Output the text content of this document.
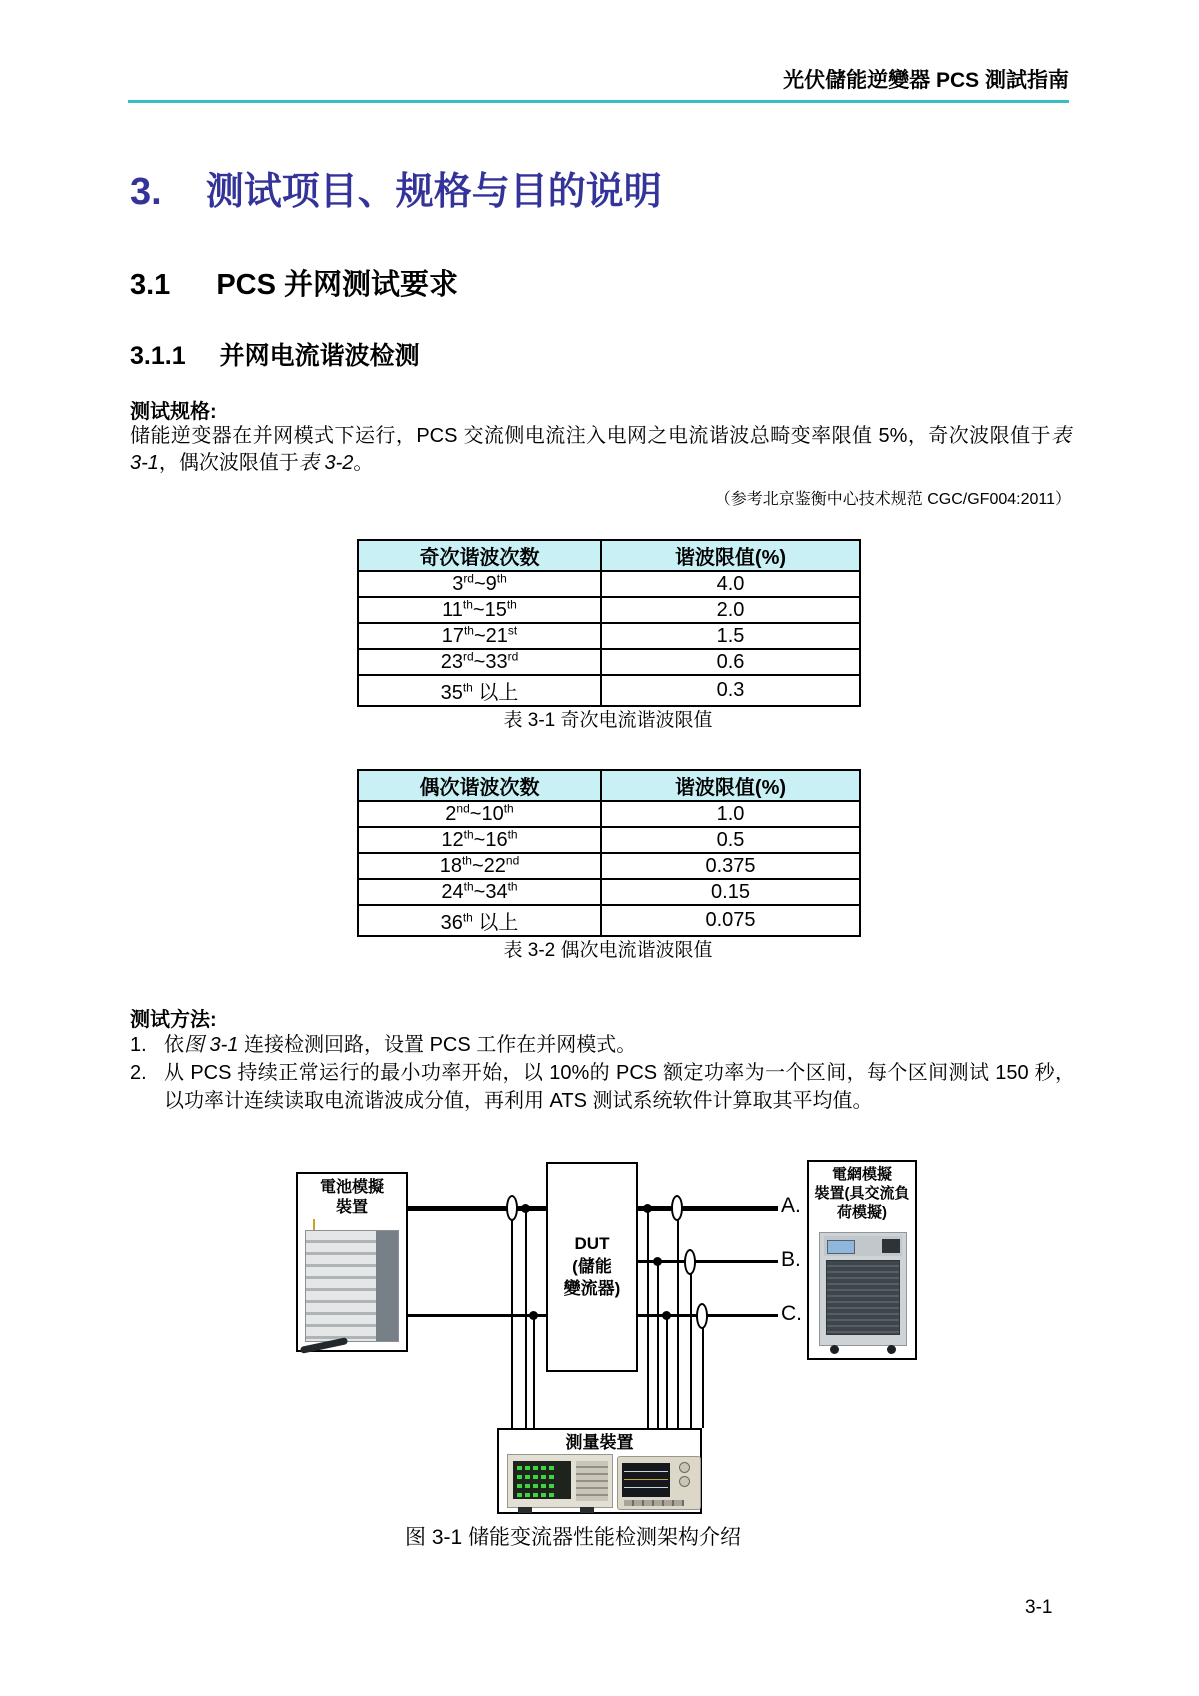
光伏儲能逆變器 PCS 測試指南
3. 测试项目、规格与目的说明
3.1 PCS 并网测试要求
3.1.1 并网电流谐波检测
测试规格:
储能逆变器在并网模式下运行，PCS 交流侧电流注入电网之电流谐波总畸变率限值 5%，奇次波限值于表 3-1，偶次波限值于表 3-2。
（参考北京鉴衡中心技术规范 CGC/GF004:2011）
奇次谐波次数	谐波限值(%)
3rd~9th	4.0
11th~15th	2.0
17th~21st	1.5
23rd~33rd	0.6
35th 以上	0.3
表 3-1 奇次电流谐波限值
偶次谐波次数	谐波限值(%)
2nd~10th	1.0
12th~16th	0.5
18th~22nd	0.375
24th~34th	0.15
36th 以上	0.075
表 3-2 偶次电流谐波限值
测试方法:
1. 依图 3-1 连接检测回路，设置 PCS 工作在并网模式。
2. 从 PCS 持续正常运行的最小功率开始，以 10%的 PCS 额定功率为一个区间，每个区间测试 150 秒，以功率计连续读取电流谐波成分值，再利用 ATS 测试系统软件计算取其平均值。
A.
B.
C.
電池模擬
裝置
DUT
(儲能
變流器)
電網模擬
裝置(具交流負
荷模擬)
測量裝置
图 3-1 储能变流器性能检测架构介绍
3-1
